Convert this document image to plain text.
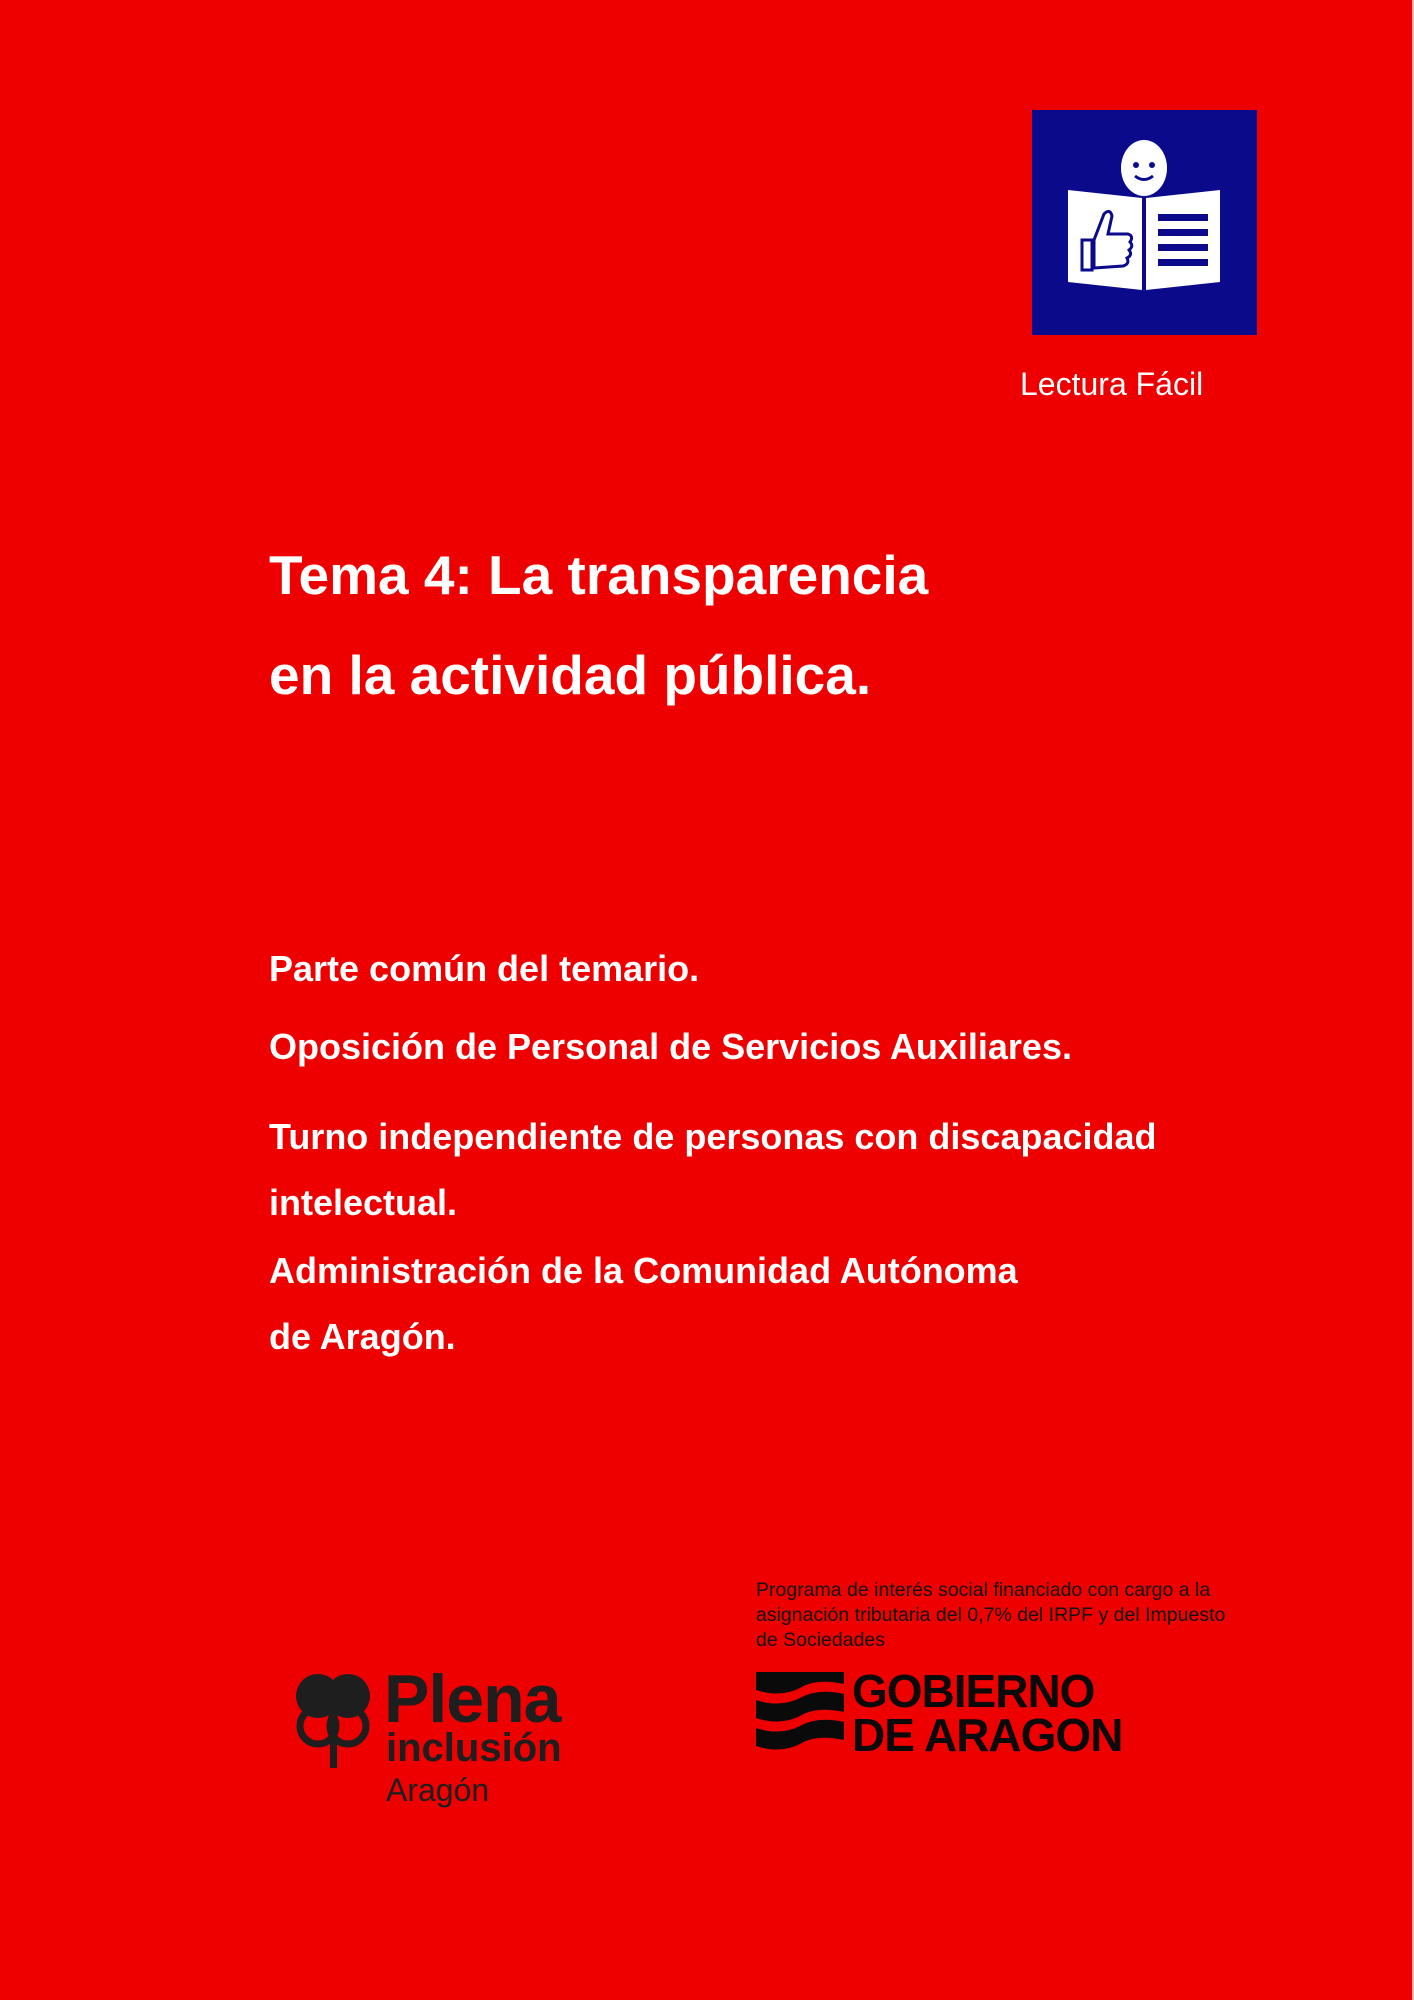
Lectura Fácil
Tema 4: La transparencia
en la actividad pública.
Parte común del temario.
Oposición de Personal de Servicios Auxiliares.
Turno independiente de personas con discapacidad
intelectual.
Administración de la Comunidad Autónoma
de Aragón.
Plena
inclusión
Aragón
Programa de interés social financiado con cargo a la
asignación tributaria del 0,7% del IRPF y del Impuesto
de Sociedades
GOBIERNO
DE ARAGON
